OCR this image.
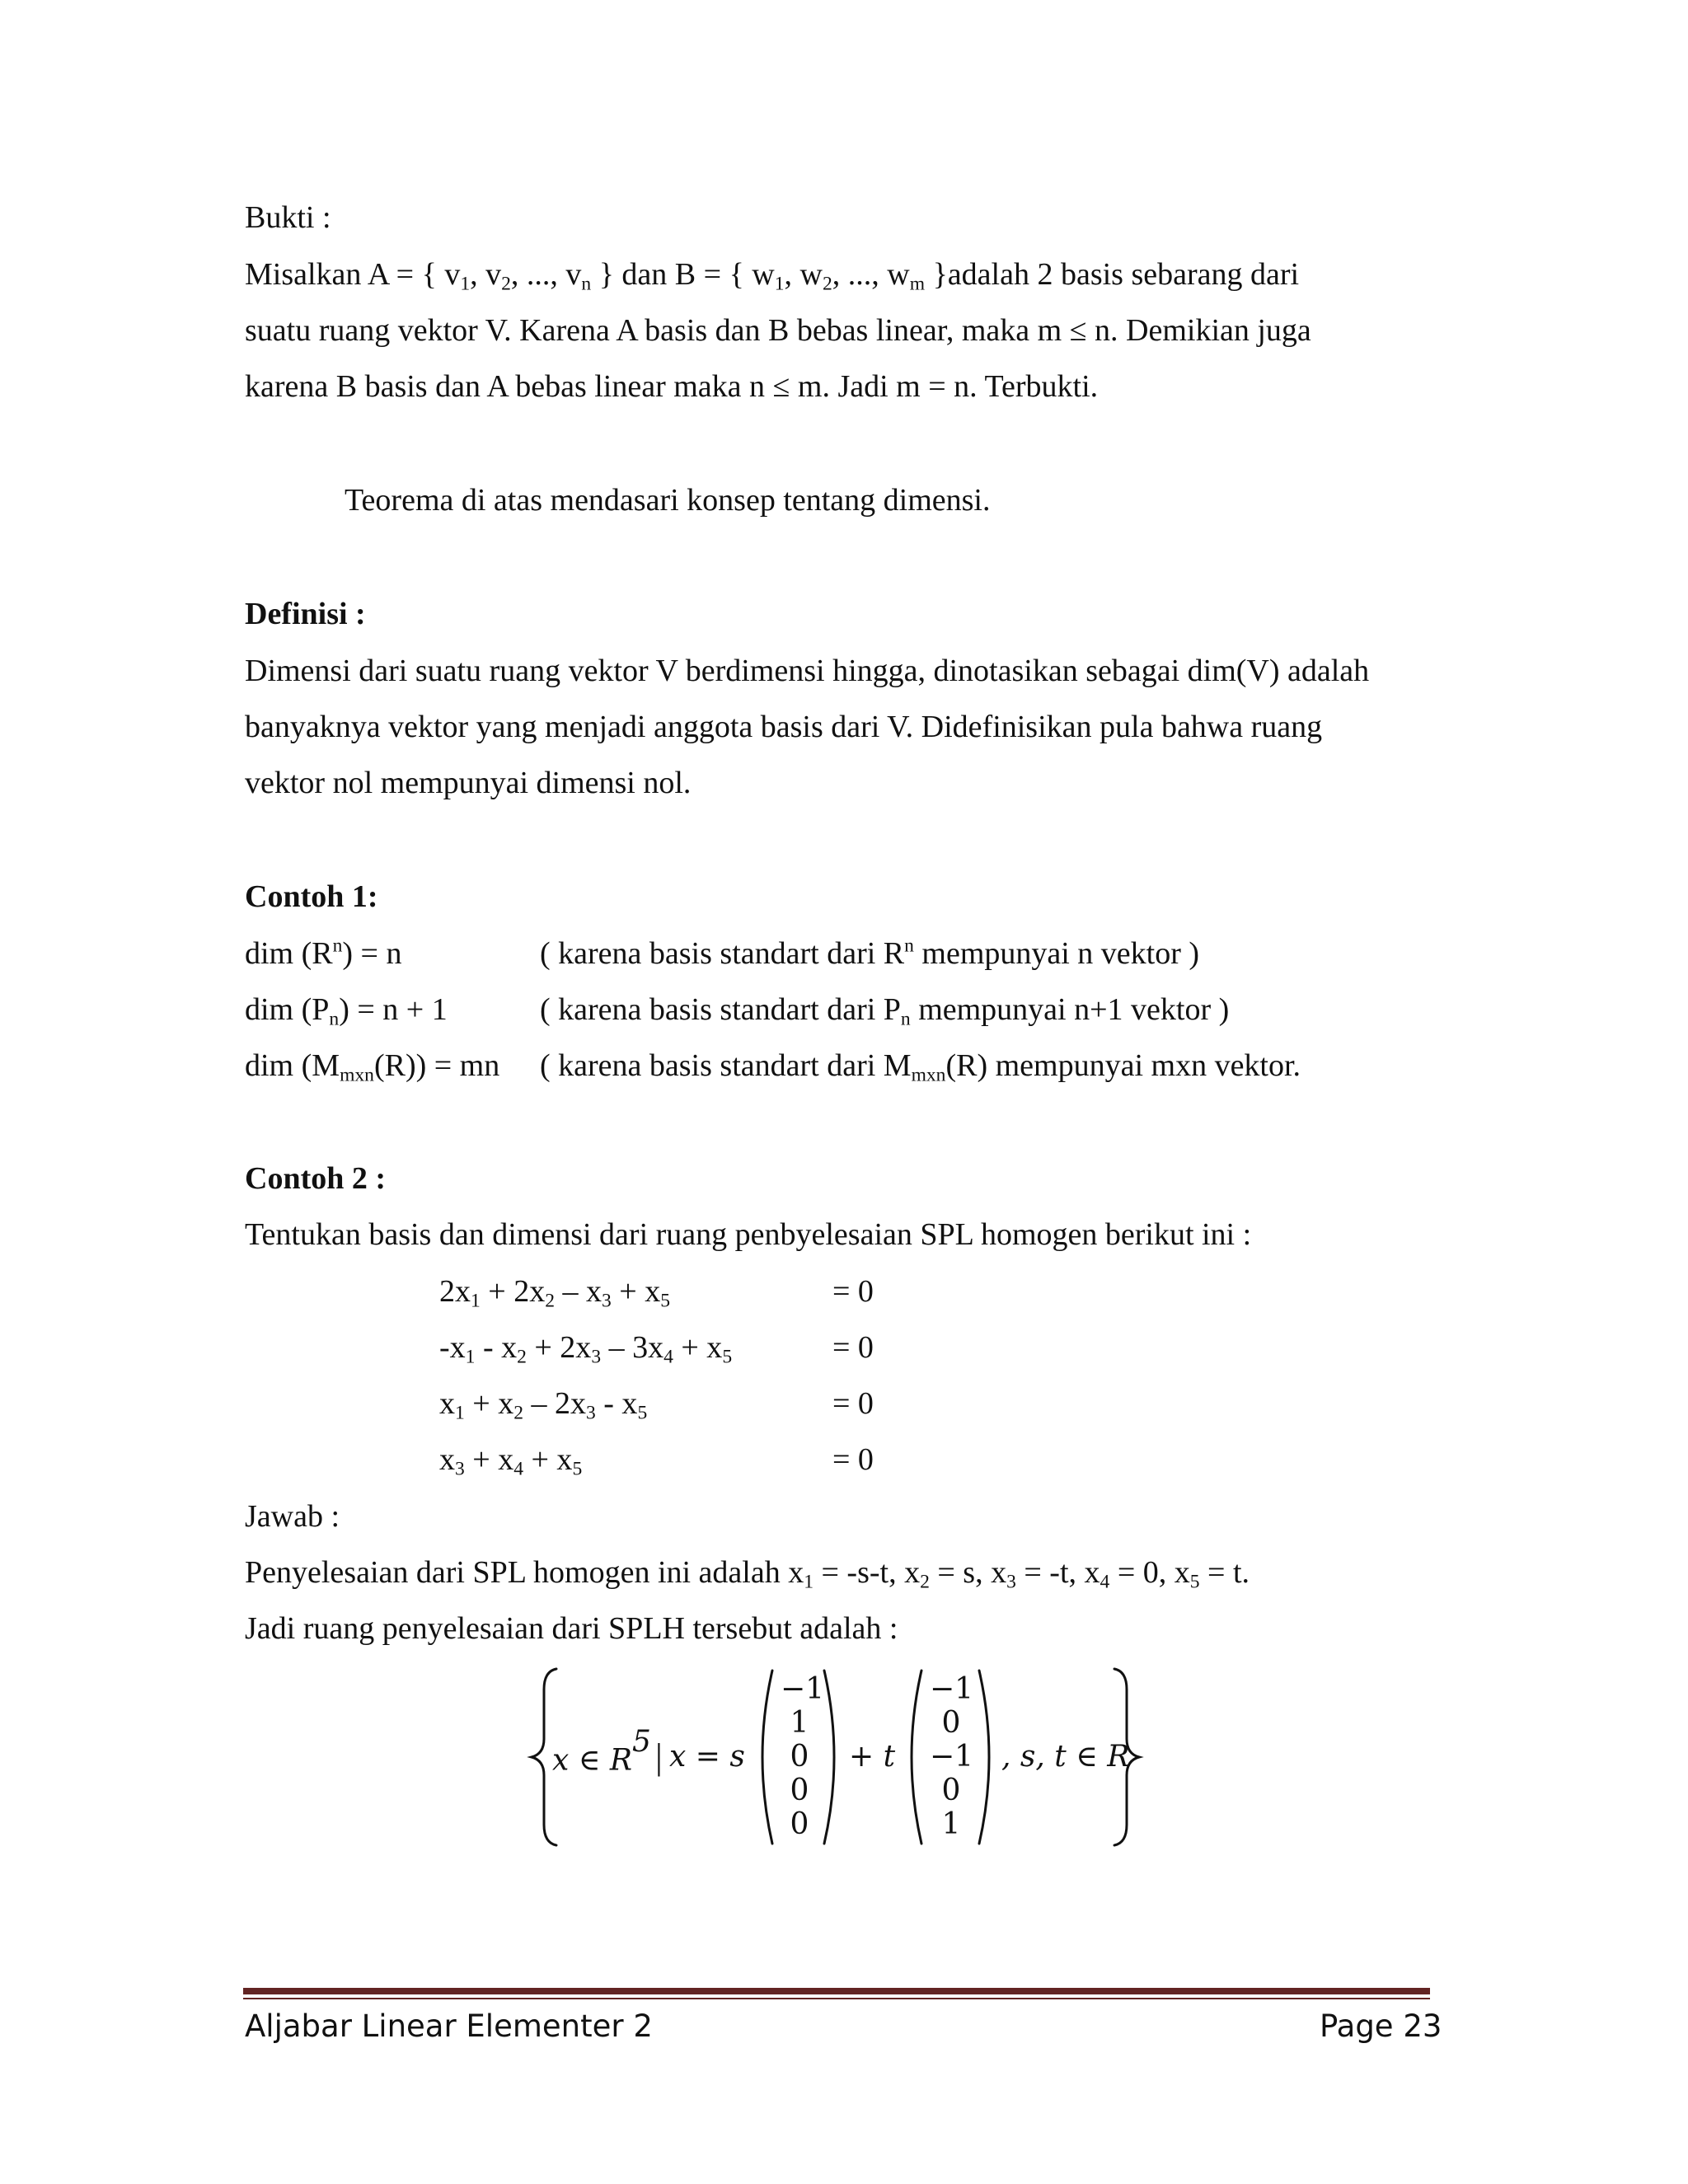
Bukti :
Misalkan A = { $v_1$, $v_2$, ..., $v_n$ } dan B = { $w_1$, $w_2$, ..., $w_m$ }adalah 2 basis sebarang dari
suatu ruang vektor V. Karena A basis dan B bebas linear, maka m ≤ n. Demikian juga
karena B basis dan A bebas linear maka n ≤ m. Jadi m = n. Terbukti.
Teorema di atas mendasari konsep tentang dimensi.
Definisi :
Dimensi dari suatu ruang vektor V berdimensi hingga, dinotasikan sebagai dim(V) adalah
banyaknya vektor yang menjadi anggota basis dari V. Didefinisikan pula bahwa ruang
vektor nol mempunyai dimensi nol.
Contoh 1:
dim $(R^n) = n$	( karena basis standart dari $R^n$ mempunyai n vektor )
dim $(P_n) = n + 1$	( karena basis standart dari $P_n$ mempunyai n+1 vektor )
dim $(M_{mxn}(R))$ = mn ( karena basis standart dari $M_{mxn}(R)$ mempunyai mxn vektor.
Contoh 2 :
Tentukan basis dan dimensi dari ruang penbyelesaian SPL homogen berikut ini :
$2x_1 + 2x_2 - x_3 + x_5$	= 0
$-x_1 - x_2 + 2x_3 - 3x_4 + x_5$	= 0
$x_1 + x_2 - 2x_3 - x_5$	= 0
$x_3 + x_4 + x_5$	= 0
Jawab :
Penyelesaian dari SPL homogen ini adalah $x_1 = -s-t$, $x_2 = s$, $x_3 = -t$, $x_4 = 0$, $x_5 = t$.
Jadi ruang penyelesaian dari SPLH tersebut adalah :
x ∈ $R^5$ | x = s	+ t	, s, t ∈ R
−1
1
0
0
0
−1
0
−1
0
1
Aljabar Linear Elementer 2	Page 23
